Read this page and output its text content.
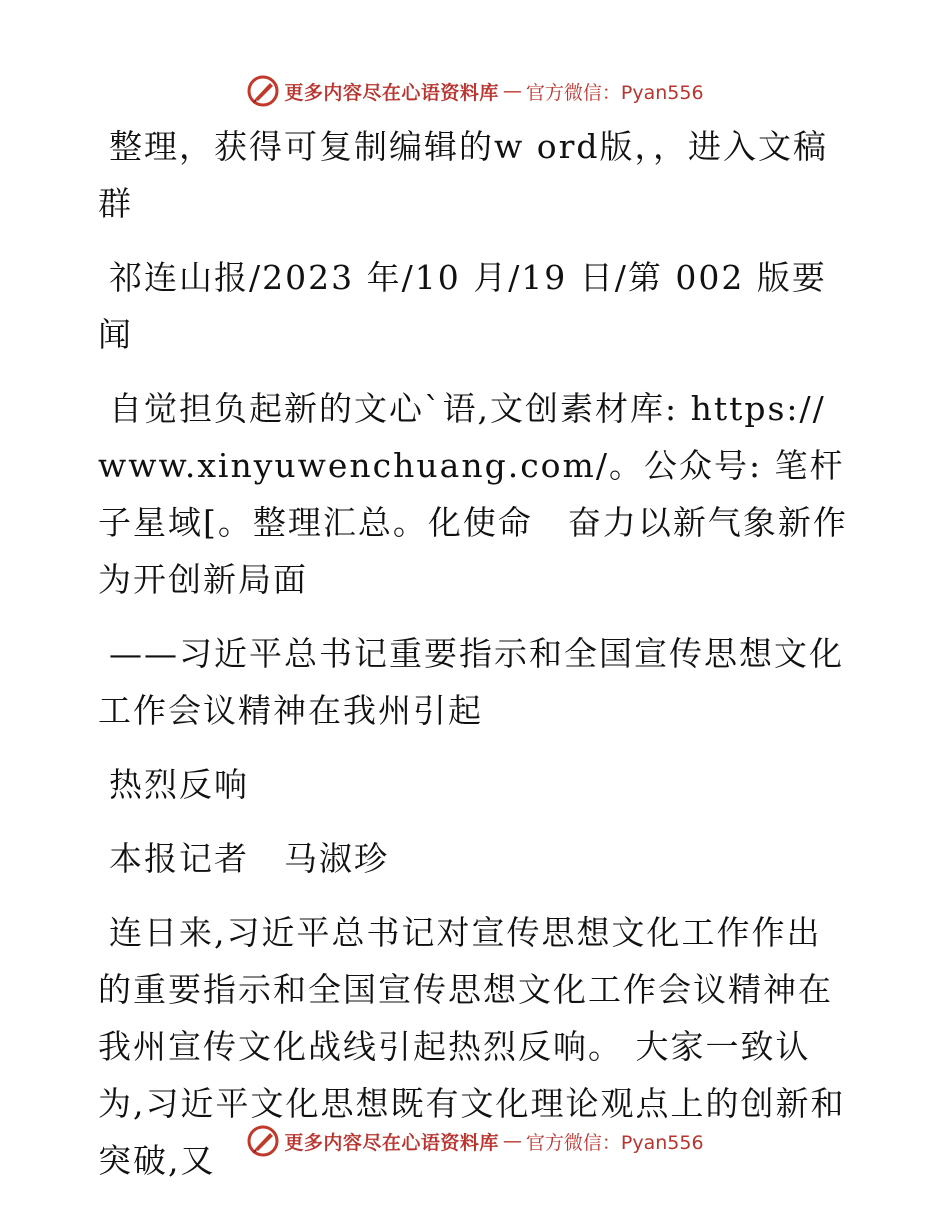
更多内容尽在心语资料库 — 官方微信：Pyan556

整理，获得可复制编辑的w ord版，，进入文稿群

祁连山报/2023 年/10 月/19 日/第 002 版要闻

自觉担负起新的文心`语,文创素材库: https://www.xinyuwenchuang.com/。公众号: 笔杆子星域[。整理汇总。化使命　奋力以新气象新作为开创新局面

——习近平总书记重要指示和全国宣传思想文化工作会议精神在我州引起

热烈反响

本报记者　马淑珍

连日来,习近平总书记对宣传思想文化工作作出的重要指示和全国宣传思想文化工作会议精神在我州宣传文化战线引起热烈反响。 大家一致认为,习近平文化思想既有文化理论观点上的创新和突破,又	更多内容尽在心语资料库 — 官方微信：Pyan556
